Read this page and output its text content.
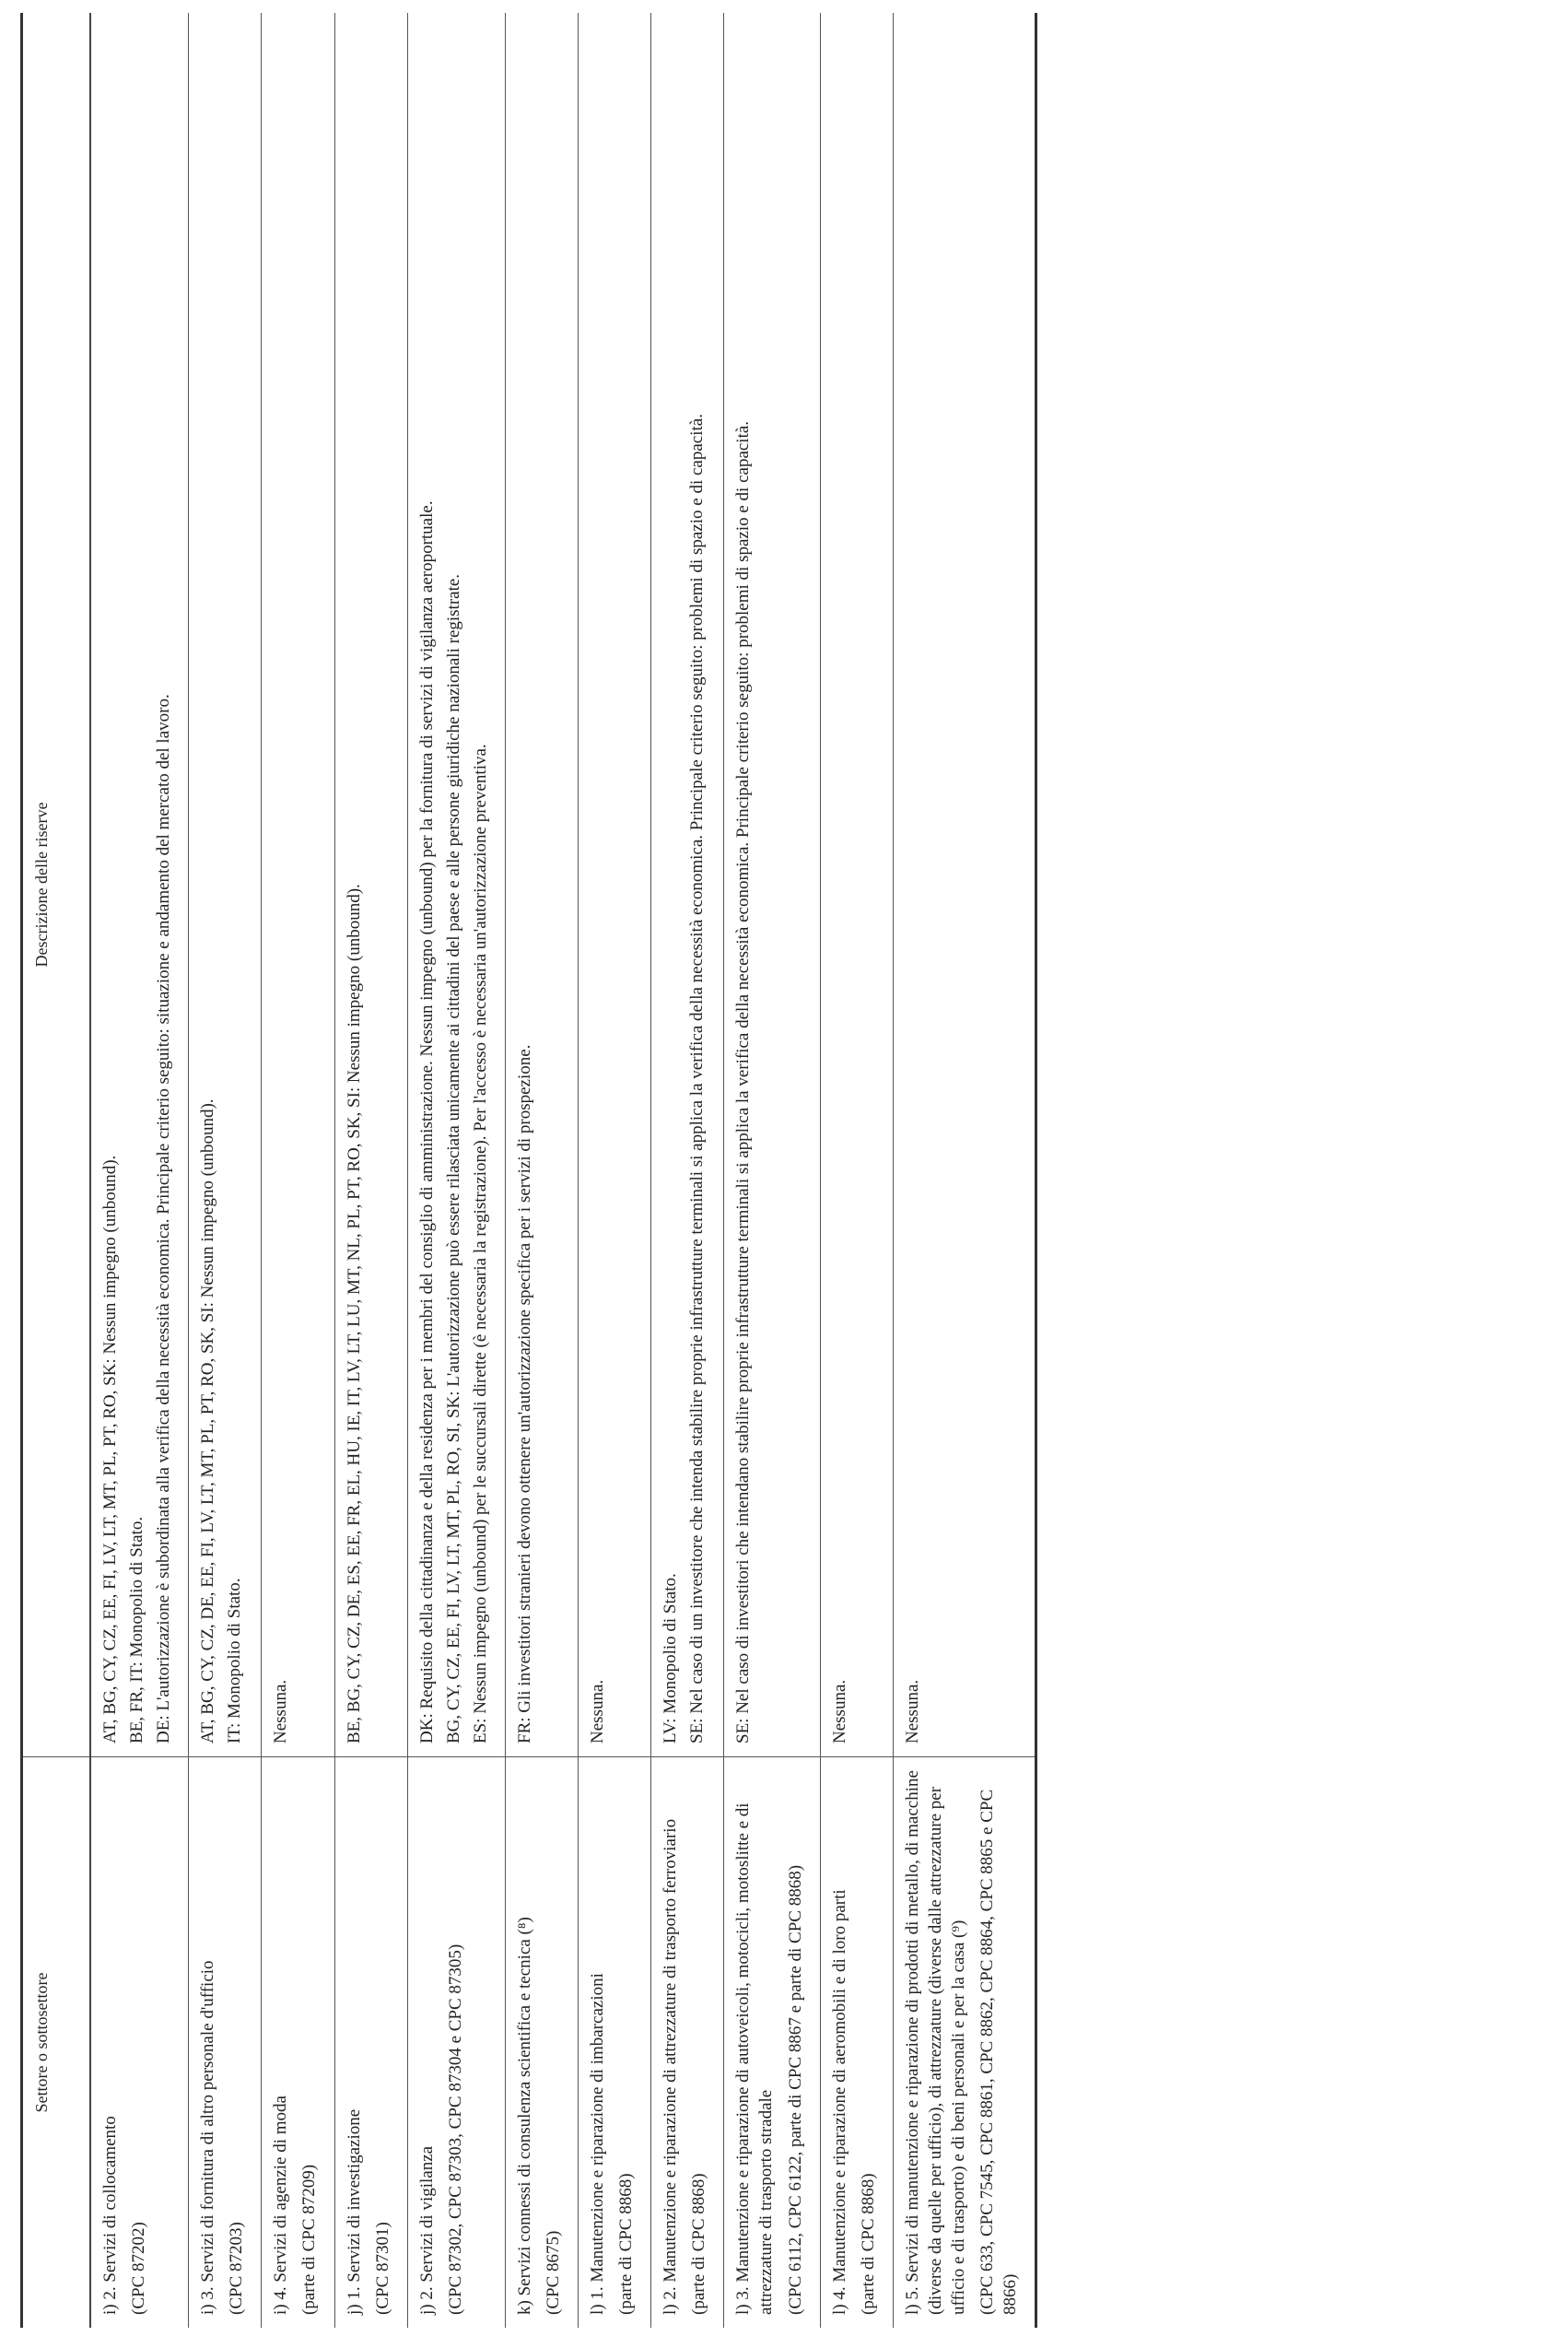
Settore o sottosettore
Descrizione delle riserve

i) 2. Servizi di collocamento (CPC 87202)

AT, BG, CY, CZ, EE, FI, LV, LT, MT, PL, PT, RO, SK: Nessun impegno (unbound). BE, FR, IT: Monopolio di Stato. DE: L'autorizzazione è subordinata alla verifica della necessità economica. Principale criterio seguito: situazione e andamento del mercato del lavoro.

i) 3. Servizi di fornitura di altro personale d'ufficio (CPC 87203)

AT, BG, CY, CZ, DE, EE, FI, LV, LT, MT, PL, PT, RO, SK, SI: Nessun impegno (unbound). IT: Monopolio di Stato.

i) 4. Servizi di agenzie di moda (parte di CPC 87209)

Nessuna.

j) 1. Servizi di investigazione (CPC 87301)

BE, BG, CY, CZ, DE, ES, EE, FR, EL, HU, IE, IT, LV, LT, LU, MT, NL, PL, PT, RO, SK, SI: Nessun impegno (unbound).

j) 2. Servizi di vigilanza (CPC 87302, CPC 87303, CPC 87304 e CPC 87305)

DK: Requisito della cittadinanza e della residenza per i membri del consiglio di amministrazione. Nessun impegno (unbound) per la fornitura di servizi di vigilanza aeroportuale. BG, CY, CZ, EE, FI, LV, LT, MT, PL, RO, SI, SK: L'autorizzazione può essere rilasciata unicamente ai cittadini del paese e alle persone giuridiche nazionali registrate. ES: Nessun impegno (unbound) per le succursali dirette (è necessaria la registrazione). Per l'accesso è necessaria un'autorizzazione preventiva.

k) Servizi connessi di consulenza scientifica e tecnica (⁸) (CPC 8675)

FR: Gli investitori stranieri devono ottenere un'autorizzazione specifica per i servizi di prospezione.

l) 1. Manutenzione e riparazione di imbarcazioni (parte di CPC 8868)

Nessuna.

l) 2. Manutenzione e riparazione di attrezzature di trasporto ferroviario (parte di CPC 8868)

LV: Monopolio di Stato. SE: Nel caso di un investitore che intenda stabilire proprie infrastrutture terminali si applica la verifica della necessità economica. Principale criterio seguito: problemi di spazio e di capacità.

l) 3. Manutenzione e riparazione di autoveicoli, motocicli, motoslitte e di attrezzature di trasporto stradale (CPC 6112, CPC 6122, parte di CPC 8867 e parte di CPC 8868)

SE: Nel caso di investitori che intendano stabilire proprie infrastrutture terminali si applica la verifica della necessità economica. Principale criterio seguito: problemi di spazio e di capacità.

l) 4. Manutenzione e riparazione di aeromobili e di loro parti (parte di CPC 8868)

Nessuna.

l) 5. Servizi di manutenzione e riparazione di prodotti di metallo, di macchine (diverse da quelle per ufficio), di attrezzature (diverse dalle attrezzature per ufficio e di trasporto) e di beni personali e per la casa (⁹) (CPC 633, CPC 7545, CPC 8861, CPC 8862, CPC 8864, CPC 8865 e CPC 8866)

Nessuna.
